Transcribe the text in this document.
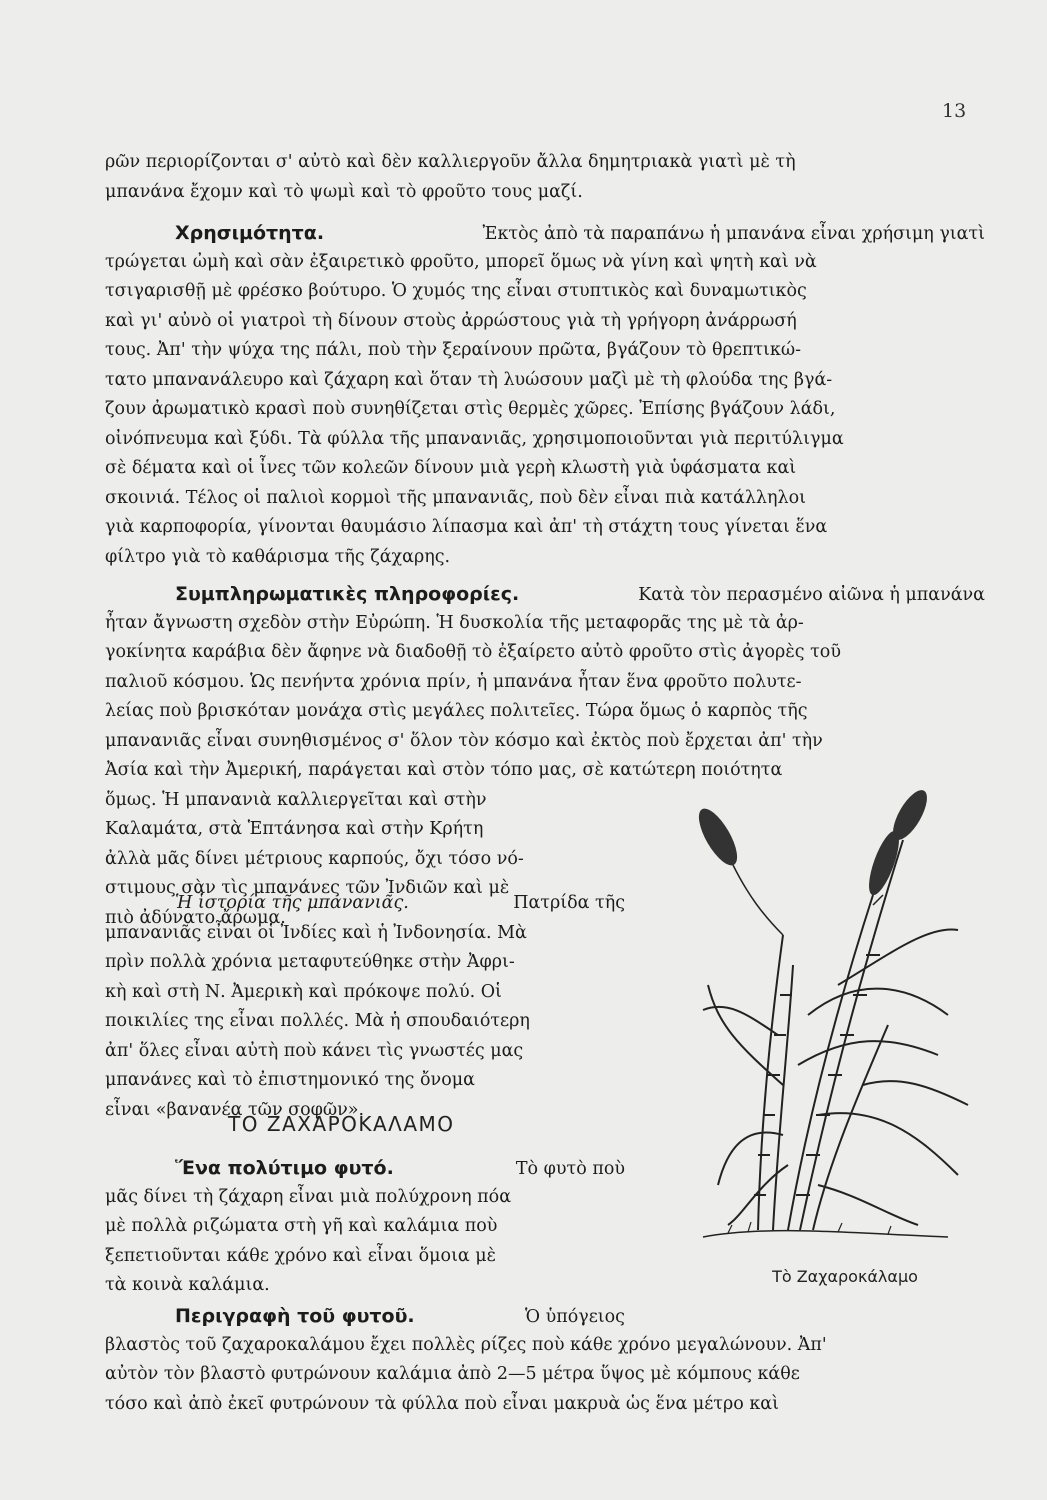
13
ρῶν περιορίζονται σ' αὐτὸ καὶ δὲν καλλιεργοῦν ἄλλα δημητριακὰ γιατὶ μὲ τὴ
μπανάνα ἔχομν καὶ τὸ ψωμὶ καὶ τὸ φροῦτο τους μαζί.
Χρησιμότητα.	Ἐκτὸς ἀπὸ τὰ παραπάνω ἡ μπανάνα εἶναι χρήσιμη γιατὶ
τρώγεται ὠμὴ καὶ σὰν ἐξαιρετικὸ φροῦτο, μπορεῖ ὅμως νὰ γίνη καὶ ψητὴ καὶ νὰ
τσιγαρισθῇ μὲ φρέσκο βούτυρο. Ὁ χυμός της εἶναι στυπτικὸς καὶ δυναμωτικὸς
καὶ γι' αὐνὸ οἱ γιατροὶ τὴ δίνουν στοὺς ἀρρώστους γιὰ τὴ γρήγορη ἀνάρρωσή
τους. Ἀπ' τὴν ψύχα της πάλι, ποὺ τὴν ξεραίνουν πρῶτα, βγάζουν τὸ θρεπτικώ-
τατο μπανανάλευρο καὶ ζάχαρη καὶ ὅταν τὴ λυώσουν μαζὶ μὲ τὴ φλούδα της βγά-
ζουν ἀρωματικὸ κρασὶ ποὺ συνηθίζεται στὶς θερμὲς χῶρες. Ἐπίσης βγάζουν λάδι,
οἰνόπνευμα καὶ ξύδι. Τὰ φύλλα τῆς μπανανιᾶς, χρησιμοποιοῦνται γιὰ περιτύλιγμα
σὲ δέματα καὶ οἱ ἶνες τῶν κολεῶν δίνουν μιὰ γερὴ κλωστὴ γιὰ ὑφάσματα καὶ
σκοινιά. Τέλος οἱ παλιοὶ κορμοὶ τῆς μπανανιᾶς, ποὺ δὲν εἶναι πιὰ κατάλληλοι
γιὰ καρποφορία, γίνονται θαυμάσιο λίπασμα καὶ ἀπ' τὴ στάχτη τους γίνεται ἕνα
φίλτρο γιὰ τὸ καθάρισμα τῆς ζάχαρης.
Συμπληρωματικὲς πληροφορίες.	Κατὰ τὸν περασμένο αἰῶνα ἡ μπανάνα
ἦταν ἄγνωστη σχεδὸν στὴν Εὐρώπη. Ἡ δυσκολία τῆς μεταφορᾶς της μὲ τὰ ἀρ-
γοκίνητα καράβια δὲν ἄφηνε νὰ διαδοθῇ τὸ ἐξαίρετο αὐτὸ φροῦτο στὶς ἀγορὲς τοῦ
παλιοῦ κόσμου. Ὡς πενήντα χρόνια πρίν, ἡ μπανάνα ἦταν ἕνα φροῦτο πολυτε-
λείας ποὺ βρισκόταν μονάχα στὶς μεγάλες πολιτεῖες. Τώρα ὅμως ὁ καρπὸς τῆς
μπανανιᾶς εἶναι συνηθισμένος σ' ὅλον τὸν κόσμο καὶ ἐκτὸς ποὺ ἔρχεται ἀπ' τὴν
Ἀσία καὶ τὴν Ἀμερική, παράγεται καὶ στὸν τόπο μας, σὲ κατώτερη ποιότητα
ὅμως. Ἡ μπανανιὰ καλλιεργεῖται καὶ στὴν
Καλαμάτα, στὰ Ἑπτάνησα καὶ στὴν Κρήτη
ἀλλὰ μᾶς δίνει μέτριους καρπούς, ὄχι τόσο νό-
στιμους σὰν τὶς μπανάνες τῶν Ἰνδιῶν καὶ μὲ
πιὸ ἀδύνατο ἄρωμα.
Ἡ ἱστορία τῆς μπανανιᾶς.	Πατρίδα τῆς
μπανανιᾶς εἶναι οἱ Ἰνδίες καὶ ἡ Ἰνδονησία. Μὰ
πρὶν πολλὰ χρόνια μεταφυτεύθηκε στὴν Ἀφρι-
κὴ καὶ στὴ Ν. Ἀμερικὴ καὶ πρόκοψε πολύ. Οἱ
ποικιλίες της εἶναι πολλές. Μὰ ἡ σπουδαιότερη
ἀπ' ὅλες εἶναι αὐτὴ ποὺ κάνει τὶς γνωστές μας
μπανάνες καὶ τὸ ἐπιστημονικό της ὄνομα
εἶναι «βανανέα τῶν σοφῶν».
ΤΟ ΖΑΧΑΡΟΚΑΛΑΜΟ
Ἕνα πολύτιμο φυτό.	Τὸ φυτὸ ποὺ
μᾶς δίνει τὴ ζάχαρη εἶναι μιὰ πολύχρονη πόα
μὲ πολλὰ ριζώματα στὴ γῆ καὶ καλάμια ποὺ
ξεπετιοῦνται κάθε χρόνο καὶ εἶναι ὅμοια μὲ
τὰ κοινὰ καλάμια.
Περιγραφὴ τοῦ φυτοῦ.	Ὁ ὑπόγειος
βλαστὸς τοῦ ζαχαροκαλάμου ἔχει πολλὲς ρίζες ποὺ κάθε χρόνο μεγαλώνουν. Ἀπ'
αὐτὸν τὸν βλαστὸ φυτρώνουν καλάμια ἀπὸ 2—5 μέτρα ὕψος μὲ κόμπους κάθε
τόσο καὶ ἀπὸ ἐκεῖ φυτρώνουν τὰ φύλλα ποὺ εἶναι μακρυὰ ὡς ἕνα μέτρο καὶ
Τὸ Ζαχαροκάλαμο
